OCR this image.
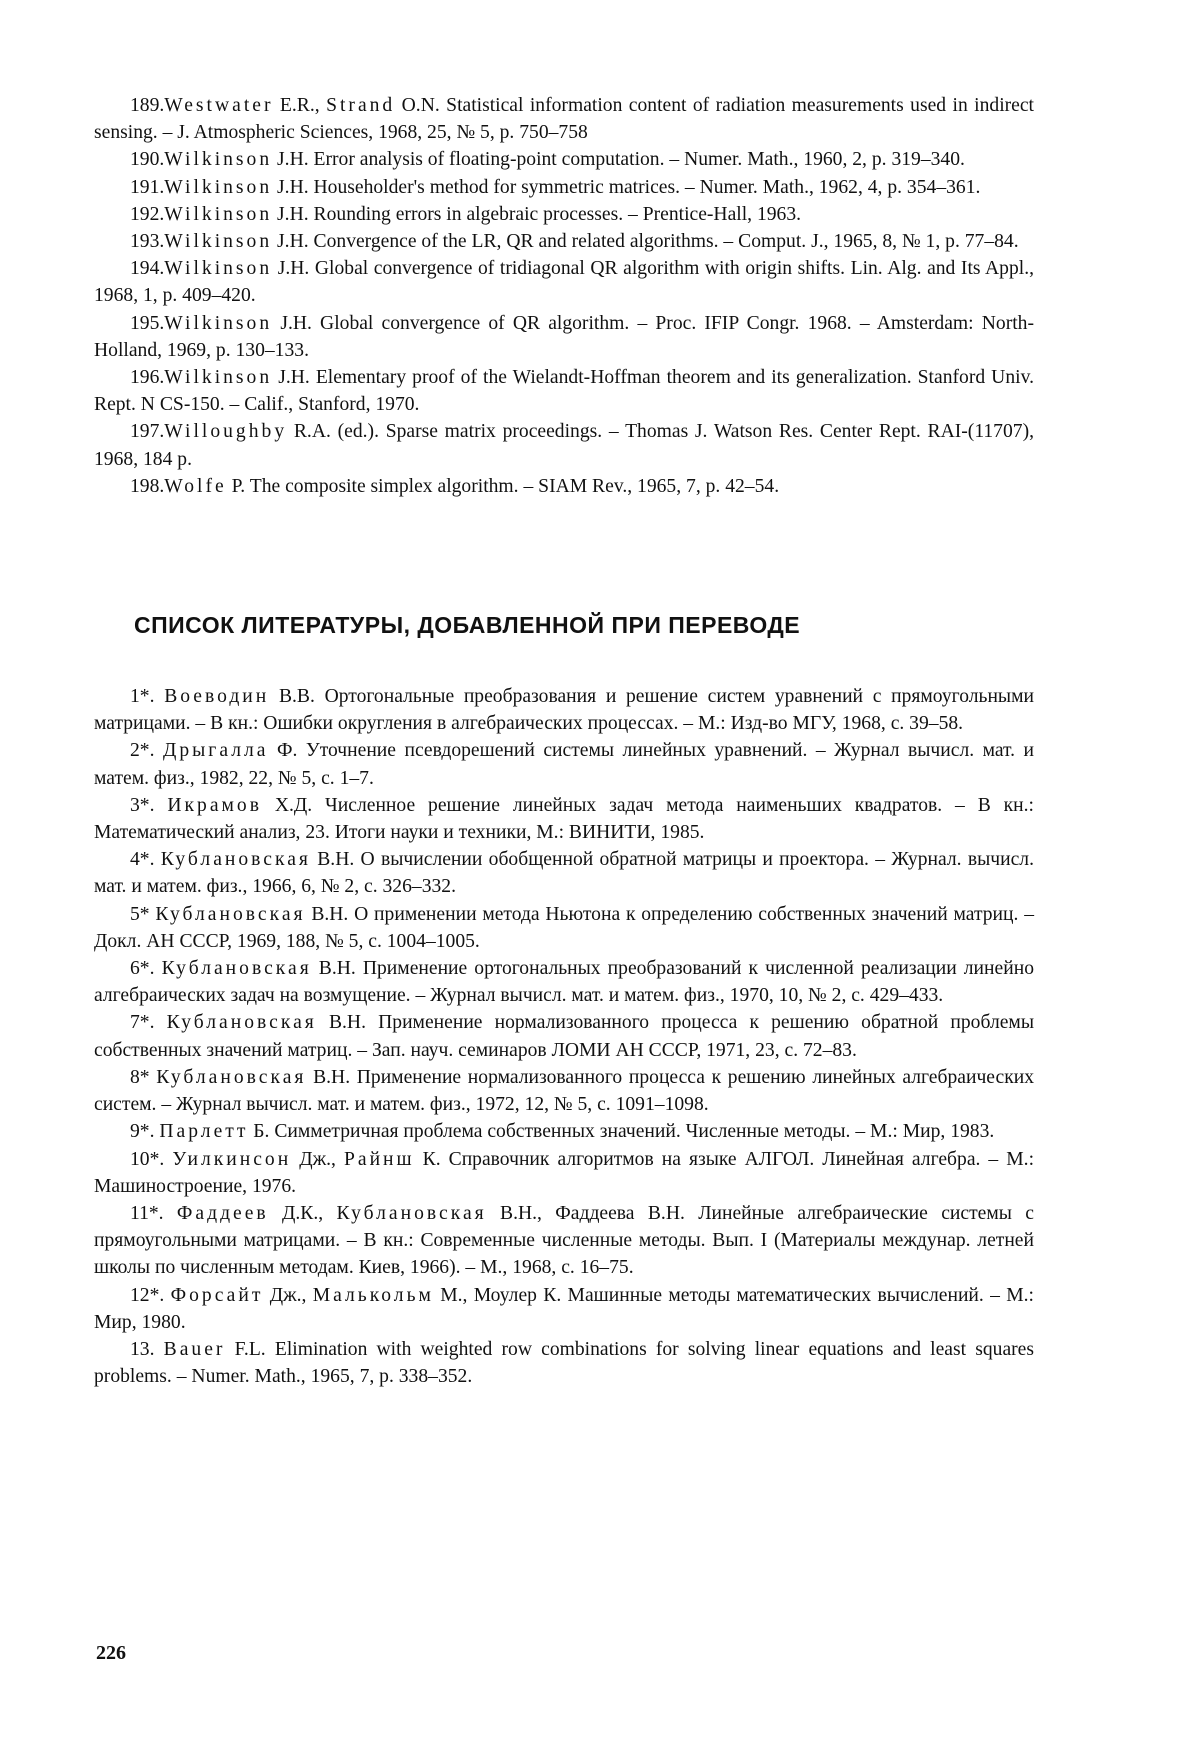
189.Westwater E.R., Strand O.N. Statistical information content of radiation measurements used in indirect sensing. – J. Atmospheric Sciences, 1968, 25, № 5, p. 750–758

190.Wilkinson J.H. Error analysis of floating-point computation. – Numer. Math., 1960, 2, p. 319–340.

191.Wilkinson J.H. Householder's method for symmetric matrices. – Numer. Math., 1962, 4, p. 354–361.

192.Wilkinson J.H. Rounding errors in algebraic processes. – Prentice-Hall, 1963.

193.Wilkinson J.H. Convergence of the LR, QR and related algorithms. – Comput. J., 1965, 8, № 1, p. 77–84.

194.Wilkinson J.H. Global convergence of tridiagonal QR algorithm with origin shifts. Lin. Alg. and Its Appl., 1968, 1, p. 409–420.

195.Wilkinson J.H. Global convergence of QR algorithm. – Proc. IFIP Congr. 1968. – Amsterdam: North-Holland, 1969, p. 130–133.

196.Wilkinson J.H. Elementary proof of the Wielandt-Hoffman theorem and its generalization. Stanford Univ. Rept. N CS-150. – Calif., Stanford, 1970.

197.Willoughby R.A. (ed.). Sparse matrix proceedings. – Thomas J. Watson Res. Center Rept. RAI-(11707), 1968, 184 p.

198.Wolfe P. The composite simplex algorithm. – SIAM Rev., 1965, 7, p. 42–54.

СПИСОК ЛИТЕРАТУРЫ, ДОБАВЛЕННОЙ ПРИ ПЕРЕВОДЕ

1*. Воеводин В.В. Ортогональные преобразования и решение систем уравнений с прямоугольными матрицами. – В кн.: Ошибки округления в алгебраических процессах. – М.: Изд-во МГУ, 1968, с. 39–58.

2*. Дрыгалла Ф. Уточнение псевдорешений системы линейных уравнений. – Журнал вычисл. мат. и матем. физ., 1982, 22, № 5, с. 1–7.

3*. Икрамов Х.Д. Численное решение линейных задач метода наименьших квадратов. – В кн.: Математический анализ, 23. Итоги науки и техники, М.: ВИНИТИ, 1985.

4*. Кублановская В.Н. О вычислении обобщенной обратной матрицы и проектора. – Журнал. вычисл. мат. и матем. физ., 1966, 6, № 2, с. 326–332.

5* Кублановская В.Н. О применении метода Ньютона к определению собственных значений матриц. – Докл. АН СССР, 1969, 188, № 5, с. 1004–1005.

6*. Кублановская В.Н. Применение ортогональных преобразований к численной реализации линейно алгебраических задач на возмущение. – Журнал вычисл. мат. и матем. физ., 1970, 10, № 2, с. 429–433.

7*. Кублановская В.Н. Применение нормализованного процесса к решению обратной проблемы собственных значений матриц. – Зап. науч. семинаров ЛОМИ АН СССР, 1971, 23, с. 72–83.

8* Кублановская В.Н. Применение нормализованного процесса к решению линейных алгебраических систем. – Журнал вычисл. мат. и матем. физ., 1972, 12, № 5, с. 1091–1098.

9*. Парлетт Б. Симметричная проблема собственных значений. Численные методы. – М.: Мир, 1983.

10*. Уилкинсон Дж., Райнш К. Справочник алгоритмов на языке АЛГОЛ. Линейная алгебра. – М.: Машиностроение, 1976.

11*. Фаддеев Д.К., Кублановская В.Н., Фаддеева В.Н. Линейные алгебраические системы с прямоугольными матрицами. – В кн.: Современные численные методы. Вып. I (Материалы междунар. летней школы по численным методам. Киев, 1966). – М., 1968, с. 16–75.

12*. Форсайт Дж., Малькольм М., Моулер К. Машинные методы математических вычислений. – М.: Мир, 1980.

13. Bauer F.L. Elimination with weighted row combinations for solving linear equations and least squares problems. – Numer. Math., 1965, 7, p. 338–352.

226
